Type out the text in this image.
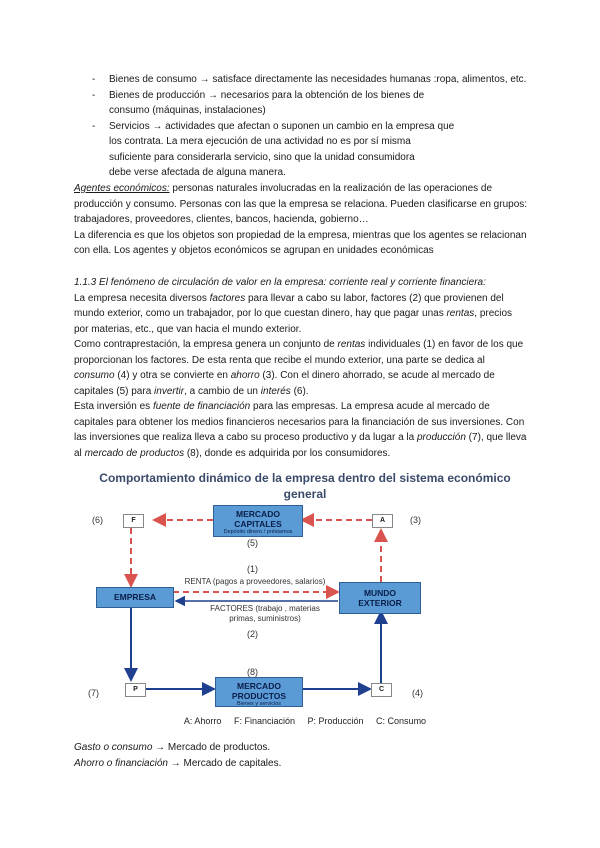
-	Bienes de consumo → satisface directamente las necesidades humanas :ropa, alimentos, etc.
-	Bienes de producción → necesarios para la obtención de los bienes de
consumo (máquinas, instalaciones)
-	Servicios → actividades que afectan o suponen un cambio en la empresa que
los contrata. La mera ejecución de una actividad no es por sí misma
suficiente para considerarla servicio, sino que la unidad consumidora
debe verse afectada de alguna manera.
Agentes económicos: personas naturales involucradas en la realización de las operaciones de
producción y consumo. Personas con las que la empresa se relaciona. Pueden clasificarse en grupos:
trabajadores, proveedores, clientes, bancos, hacienda, gobierno…
La diferencia es que los objetos son propiedad de la empresa, mientras que los agentes se relacionan
con ella. Los agentes y objetos económicos se agrupan en unidades económicas
1.1.3 El fenómeno de circulación de valor en la empresa: corriente real y corriente financiera:
La empresa necesita diversos factores para llevar a cabo su labor, factores (2) que provienen del
mundo exterior, como un trabajador, por lo que cuestan dinero, hay que pagar unas rentas, precios
por materias, etc., que van hacia el mundo exterior.
Como contraprestación, la empresa genera un conjunto de rentas individuales (1) en favor de los que
proporcionan los factores. De esta renta que recibe el mundo exterior, una parte se dedica al
consumo (4) y otra se convierte en ahorro (3). Con el dinero ahorrado, se acude al mercado de
capitales (5) para invertir, a cambio de un interés (6).
Esta inversión es fuente de financiación para las empresas. La empresa acude al mercado de
capitales para obtener los medios financieros necesarios para la financiación de sus inversiones. Con
las inversiones que realiza lleva a cabo su proceso productivo y da lugar a la producción (7), que lleva
al mercado de productos (8), donde es adquirida por los consumidores.
Comportamiento dinámico de la empresa dentro del sistema económico
general
MERCADO
CAPITALES
Depósito dinero / préstamos
EMPRESA	MUNDO
EXTERIOR
MERCADO
PRODUCTOS
Bienes y servicios
F	A
P	C
(6)	(3)
(5)
(1)
(2)
(8)
(7)	(4)
RENTA (pagos a proveedores, salarios)
FACTORES (trabajo , materias
primas, suministros)
A: Ahorro F: Financiación P: Producción C: Consumo
Gasto o consumo → Mercado de productos.
Ahorro o financiación → Mercado de capitales.
